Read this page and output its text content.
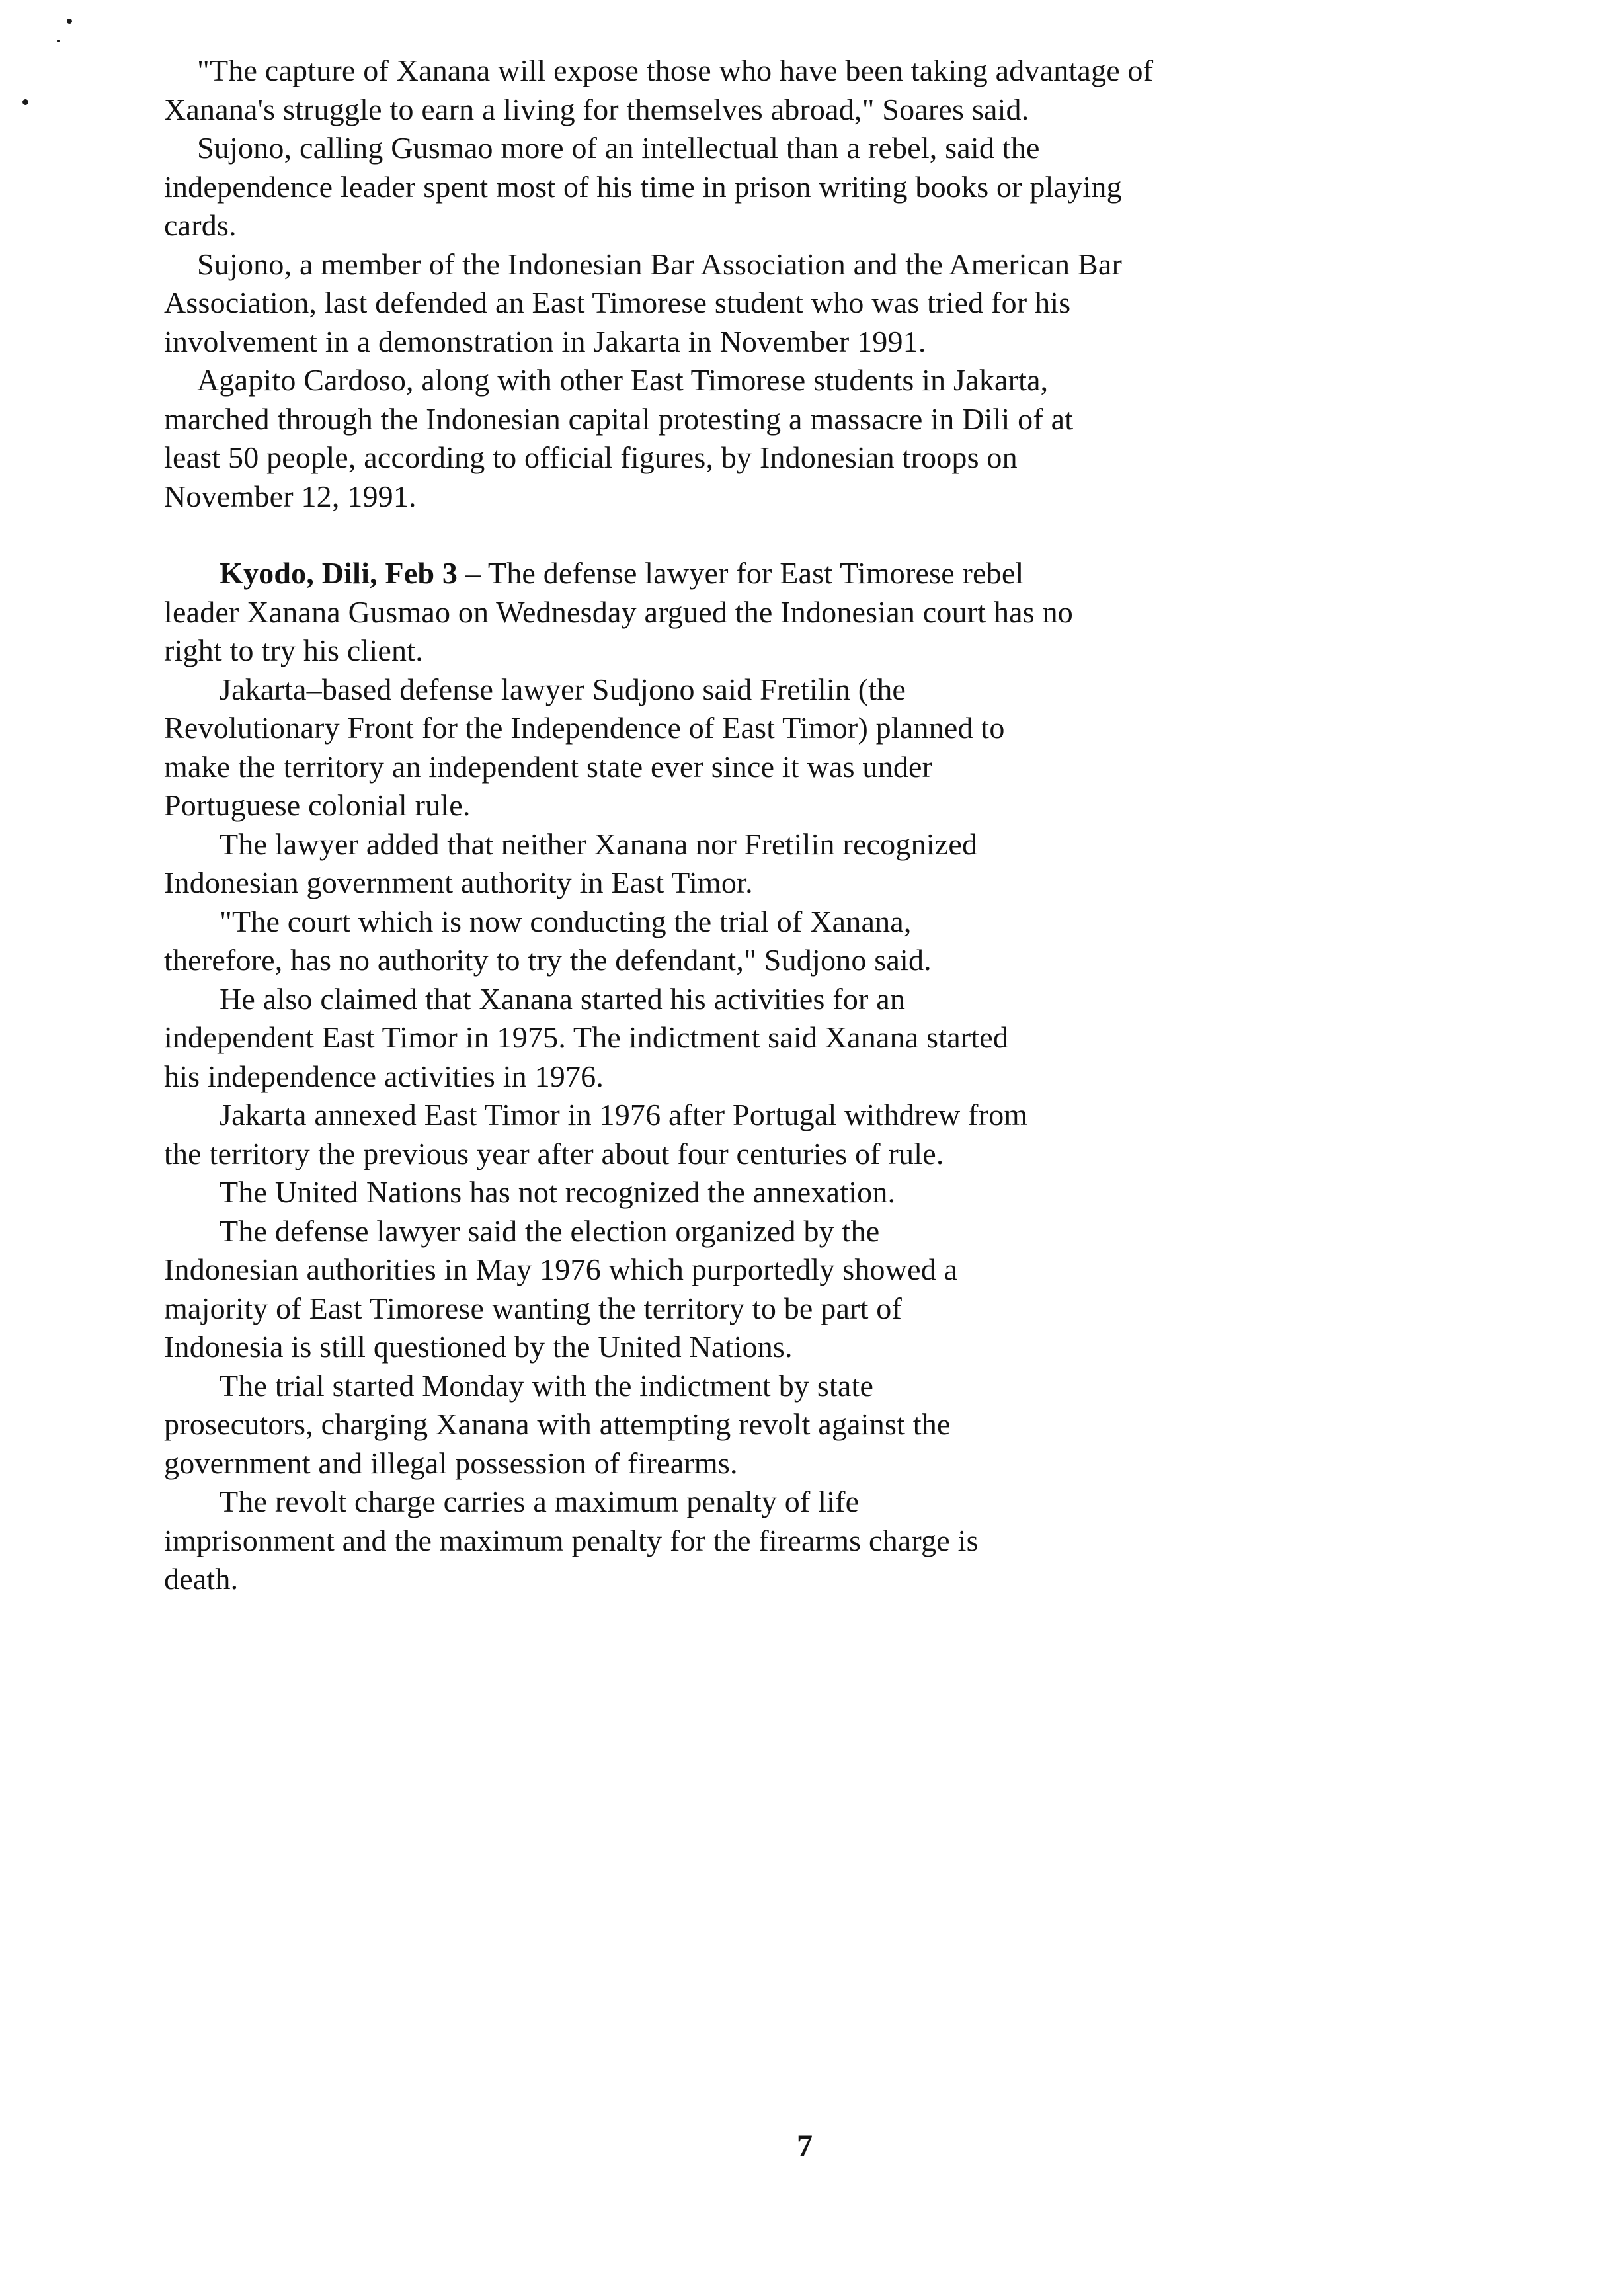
"The capture of Xanana will expose those who have been taking advantage of
Xanana's struggle to earn a living for themselves abroad," Soares said.

Sujono, calling Gusmao more of an intellectual than a rebel, said the
independence leader spent most of his time in prison writing books or playing
cards.

Sujono, a member of the Indonesian Bar Association and the American Bar
Association, last defended an East Timorese student who was tried for his
involvement in a demonstration in Jakarta in November 1991.

Agapito Cardoso, along with other East Timorese students in Jakarta,
marched through the Indonesian capital protesting a massacre in Dili of at
least 50 people, according to official figures, by Indonesian troops on
November 12, 1991.

Kyodo, Dili, Feb 3 – The defense lawyer for East Timorese rebel
leader Xanana Gusmao on Wednesday argued the Indonesian court has no
right to try his client.

Jakarta–based defense lawyer Sudjono said Fretilin (the
Revolutionary Front for the Independence of East Timor) planned to
make the territory an independent state ever since it was under
Portuguese colonial rule.

The lawyer added that neither Xanana nor Fretilin recognized
Indonesian government authority in East Timor.

"The court which is now conducting the trial of Xanana,
therefore, has no authority to try the defendant," Sudjono said.

He also claimed that Xanana started his activities for an
independent East Timor in 1975. The indictment said Xanana started
his independence activities in 1976.

Jakarta annexed East Timor in 1976 after Portugal withdrew from
the territory the previous year after about four centuries of rule.

The United Nations has not recognized the annexation.

The defense lawyer said the election organized by the
Indonesian authorities in May 1976 which purportedly showed a
majority of East Timorese wanting the territory to be part of
Indonesia is still questioned by the United Nations.

The trial started Monday with the indictment by state
prosecutors, charging Xanana with attempting revolt against the
government and illegal possession of firearms.

The revolt charge carries a maximum penalty of life
imprisonment and the maximum penalty for the firearms charge is
death.

7
